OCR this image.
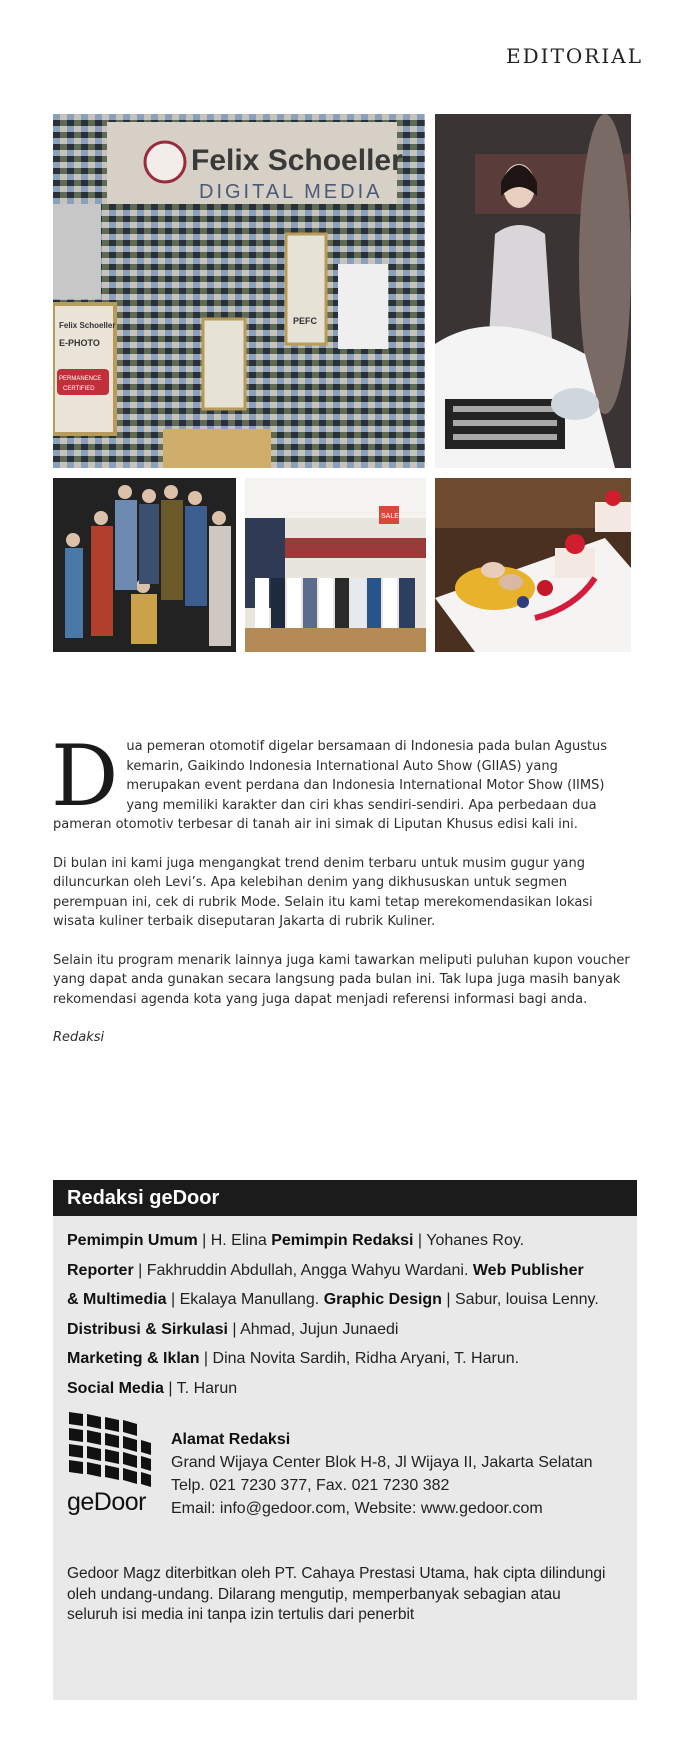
EDITORIAL
Felix Schoeller
DIGITAL MEDIA
Felix Schoeller
E-PHOTO
PERMANENCE
CERTIFIED
PEFC
SALE

Dua pemeran otomotif digelar bersamaan di Indonesia pada bulan Agustus kemarin, Gaikindo Indonesia International Auto Show (GIIAS) yang merupakan event perdana dan Indonesia International Motor Show (IIMS) yang memiliki karakter dan ciri khas sendiri-sendiri. Apa perbedaan dua pameran otomotiv terbesar di tanah air ini simak di Liputan Khusus edisi kali ini.

Di bulan ini kami juga mengangkat trend denim terbaru untuk musim gugur yang diluncurkan oleh Levi’s. Apa kelebihan denim yang dikhususkan untuk segmen perempuan ini, cek di rubrik Mode. Selain itu kami tetap merekomendasikan lokasi wisata kuliner terbaik diseputaran Jakarta di rubrik Kuliner.

Selain itu program menarik lainnya juga kami tawarkan meliputi puluhan kupon voucher yang dapat anda gunakan secara langsung pada bulan ini. Tak lupa juga masih banyak rekomendasi agenda kota yang juga dapat menjadi referensi informasi bagi anda.

Redaksi

Redaksi geDoor
Pemimpin Umum | H. Elina Pemimpin Redaksi | Yohanes Roy.
Reporter | Fakhruddin Abdullah, Angga Wahyu Wardani. Web Publisher
& Multimedia | Ekalaya Manullang. Graphic Design | Sabur, louisa Lenny.
Distribusi & Sirkulasi | Ahmad, Jujun Junaedi
Marketing & Iklan | Dina Novita Sardih, Ridha Aryani, T. Harun.
Social Media | T. Harun
geDoor
Alamat Redaksi
Grand Wijaya Center Blok H-8, Jl Wijaya II, Jakarta Selatan
Telp. 021 7230 377, Fax. 021 7230 382
Email: info@gedoor.com, Website: www.gedoor.com
Gedoor Magz diterbitkan oleh PT. Cahaya Prestasi Utama, hak cipta dilindungi oleh undang-undang. Dilarang mengutip, memperbanyak sebagian atau seluruh isi media ini tanpa izin tertulis dari penerbit
